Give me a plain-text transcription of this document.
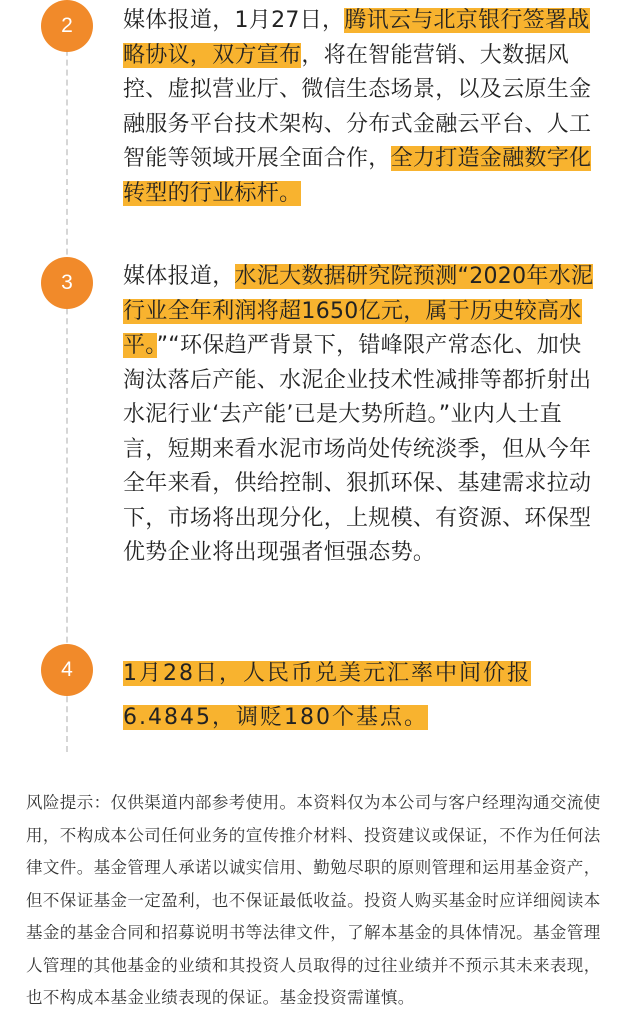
2	媒体报道，1月27日，腾讯云与北京银行签署战略协议，双方宣布，将在智能营销、大数据风控、虚拟营业厅、微信生态场景，以及云原生金融服务平台技术架构、分布式金融云平台、人工智能等领域开展全面合作，全力打造金融数字化转型的行业标杆。
3	媒体报道，水泥大数据研究院预测“2020年水泥行业全年利润将超1650亿元，属于历史较高水平。”“环保趋严背景下，错峰限产常态化、加快淘汰落后产能、水泥企业技术性减排等都折射出水泥行业‘去产能’已是大势所趋。”业内人士直言，短期来看水泥市场尚处传统淡季，但从今年全年来看，供给控制、狠抓环保、基建需求拉动下，市场将出现分化，上规模、有资源、环保型优势企业将出现强者恒强态势。
4	1月28日，人民币兑美元汇率中间价报6.4845，调贬180个基点。
风险提示：仅供渠道内部参考使用。本资料仅为本公司与客户经理沟通交流使用，不构成本公司任何业务的宣传推介材料、投资建议或保证，不作为任何法律文件。基金管理人承诺以诚实信用、勤勉尽职的原则管理和运用基金资产，但不保证基金一定盈利，也不保证最低收益。投资人购买基金时应详细阅读本基金的基金合同和招募说明书等法律文件，了解本基金的具体情况。基金管理人管理的其他基金的业绩和其投资人员取得的过往业绩并不预示其未来表现，也不构成本基金业绩表现的保证。基金投资需谨慎。
